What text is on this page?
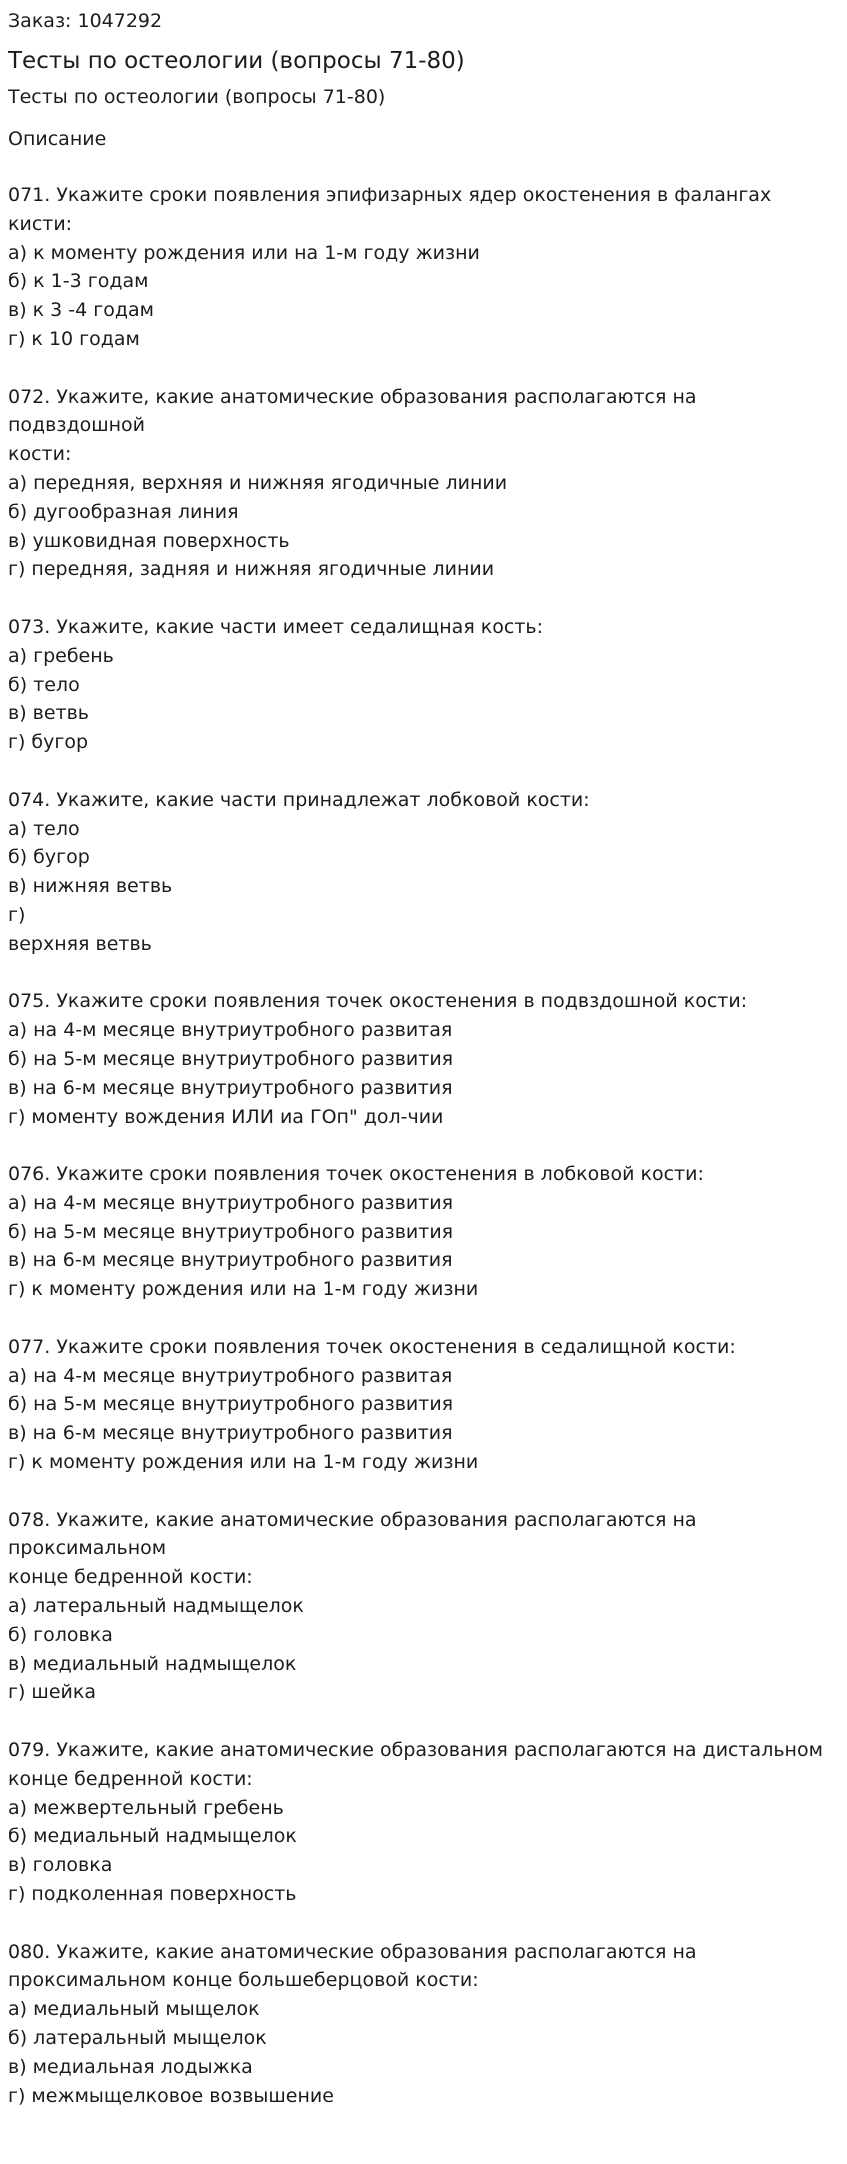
Заказ: 1047292
Тесты по остеологии (вопросы 71-80)
Тесты по остеологии (вопросы 71-80)
Описание
071. Укажите сроки появления эпифизарных ядер окостенения в фалангах
кисти:
а) к моменту рождения или на 1-м году жизни
б) к 1-3 годам
в) к 3 -4 годам
г) к 10 годам
072. Укажите, какие анатомические образования располагаются на
подвздошной
кости:
а) передняя, верхняя и нижняя ягодичные линии
б) дугообразная линия
в) ушковидная поверхность
г) передняя, задняя и нижняя ягодичные линии
073. Укажите, какие части имеет седалищная кость:
а) гребень
б) тело
в) ветвь
г) бугор
074. Укажите, какие части принадлежат лобковой кости:
а) тело
б) бугор
в) нижняя ветвь
г)
верхняя ветвь
075. Укажите сроки появления точек окостенения в подвздошной кости:
а) на 4-м месяце внутриутробного развитая
б) на 5-м месяце внутриутробного развития
в) на 6-м месяце внутриутробного развития
г) моменту вождения ИЛИ иа ГОп" дол-чии
076. Укажите сроки появления точек окостенения в лобковой кости:
а) на 4-м месяце внутриутробного развития
б) на 5-м месяце внутриутробного развития
в) на 6-м месяце внутриутробного развития
г) к моменту рождения или на 1-м году жизни
077. Укажите сроки появления точек окостенения в седалищной кости:
а) на 4-м месяце внутриутробного развитая
б) на 5-м месяце внутриутробного развития
в) на 6-м месяце внутриутробного развития
г) к моменту рождения или на 1-м году жизни
078. Укажите, какие анатомические образования располагаются на
проксимальном
конце бедренной кости:
а) латеральный надмыщелок
б) головка
в) медиальный надмыщелок
г) шейка
079. Укажите, какие анатомические образования располагаются на дистальном
конце бедренной кости:
а) межвертельный гребень
б) медиальный надмыщелок
в) головка
г) подколенная поверхность
080. Укажите, какие анатомические образования располагаются на
проксимальном конце большеберцовой кости:
а) медиальный мыщелок
б) латеральный мыщелок
в) медиальная лодыжка
г) межмыщелковое возвышение
